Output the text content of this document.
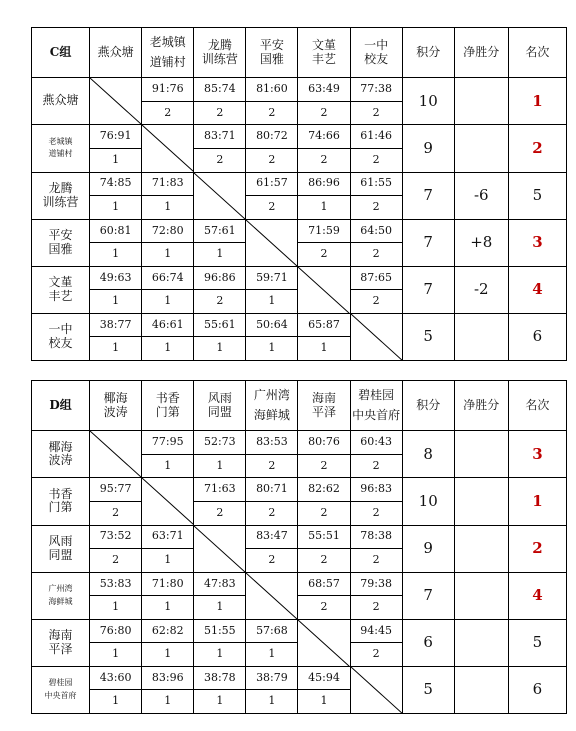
C组	燕众塘	老城镇
道铺村	龙腾
训练营	平安
国雅	文堇
丰艺	一中
校友	积分	净胜分	名次
燕众塘		91:76	85:74	81:60	63:49	77:38	10		1
		2	2	2	2	2			
老城镇
道铺村	76:91		83:71	80:72	74:66	61:46	9		2
	1		2	2	2	2			
龙腾
训练营	74:85	71:83		61:57	86:96	61:55	7	-6	5
	1	1		2	1	2			
平安
国雅	60:81	72:80	57:61		71:59	64:50	7	+8	3
	1	1	1		2	2			
文堇
丰艺	49:63	66:74	96:86	59:71		87:65	7	-2	4
	1	1	2	1		2			
一中
校友	38:77	46:61	55:61	50:64	65:87		5		6
	1	1	1	1	1				
D组	椰海
波涛	书香
门第	风雨
同盟	广州湾
海鲜城	海南
平泽	碧桂园
中央首府	积分	净胜分	名次
椰海
波涛		77:95	52:73	83:53	80:76	60:43	8		3
		1	1	2	2	2			
书香
门第	95:77		71:63	80:71	82:62	96:83	10		1
	2		2	2	2	2			
风雨
同盟	73:52	63:71		83:47	55:51	78:38	9		2
	2	1		2	2	2			
广州湾
海鲜城	53:83	71:80	47:83		68:57	79:38	7		4
	1	1	1		2	2			
海南
平泽	76:80	62:82	51:55	57:68		94:45	6		5
	1	1	1	1		2			
碧桂园
中央首府	43:60	83:96	38:78	38:79	45:94		5		6
	1	1	1	1	1				
